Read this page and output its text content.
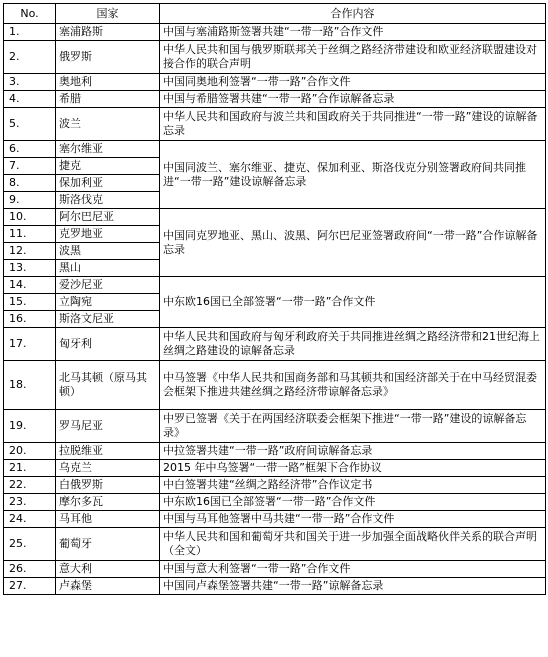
No.	国家	合作内容
1.	塞浦路斯	中国与塞浦路斯签署共建“一带一路”合作文件
2.	俄罗斯	中华人民共和国与俄罗斯联邦关于丝绸之路经济带建设和欧亚经济联盟建设对接合作的联合声明
3.	奥地利	中国同奥地利签署“一带一路”合作文件
4.	希腊	中国与希腊签署共建“一带一路”合作谅解备忘录
5.	波兰	中华人民共和国政府与波兰共和国政府关于共同推进“一带一路”建设的谅解备忘录
6.	塞尔维亚	中国同波兰、塞尔维亚、捷克、保加利亚、斯洛伐克分别签署政府间共同推进“一带一路”建设谅解备忘录
7.	捷克	
8.	保加利亚	
9.	斯洛伐克	
10.	阿尔巴尼亚	中国同克罗地亚、黑山、波黑、阿尔巴尼亚签署政府间“一带一路”合作谅解备忘录
11.	克罗地亚	
12.	波黑	
13.	黑山	
14.	爱沙尼亚	中东欧16国已全部签署“一带一路”合作文件
15.	立陶宛	
16.	斯洛文尼亚	
17.	匈牙利	中华人民共和国政府与匈牙利政府关于共同推进丝绸之路经济带和21世纪海上丝绸之路建设的谅解备忘录
18.	北马其顿（原马其顿）	中马签署《中华人民共和国商务部和马其顿共和国经济部关于在中马经贸混委会框架下推进共建丝绸之路经济带谅解备忘录》
19.	罗马尼亚	中罗已签署《关于在两国经济联委会框架下推进“一带一路”建设的谅解备忘录》
20.	拉脱维亚	中拉签署共建“一带一路”政府间谅解备忘录
21.	乌克兰	2015 年中乌签署“一带一路”框架下合作协议
22.	白俄罗斯	中白签署共建“丝绸之路经济带”合作议定书
23.	摩尔多瓦	中东欧16国已全部签署“一带一路”合作文件
24.	马耳他	中国与马耳他签署中马共建“一带一路”合作文件
25.	葡萄牙	中华人民共和国和葡萄牙共和国关于进一步加强全面战略伙伴关系的联合声明（全文）
26.	意大利	中国与意大利签署“一带一路”合作文件
27.	卢森堡	中国同卢森堡签署共建“一带一路”谅解备忘录
